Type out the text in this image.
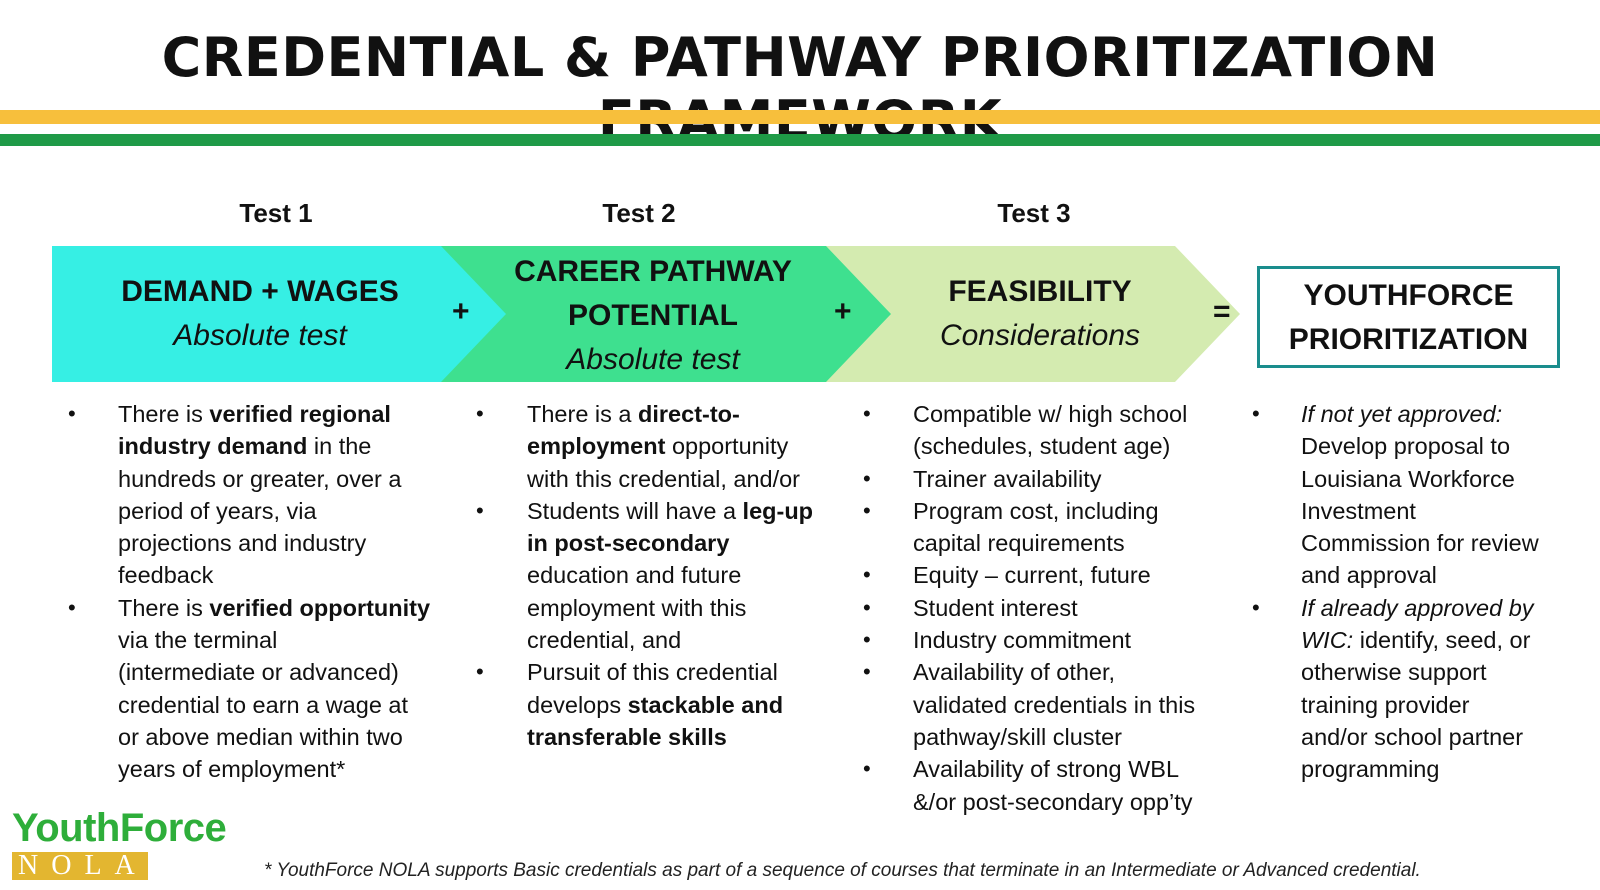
CREDENTIAL & PATHWAY PRIORITIZATION
Test 1	Test 2	Test 3
DEMAND + WAGES
Absolute test
CAREER PATHWAY
POTENTIAL
Absolute test
FEASIBILITY
Considerations
+	+	=	YOUTHFORCE
PRIORITIZATION
• There is verified regional
industry demand in the
hundreds or greater, over a
period of years, via
projections and industry
feedback
• There is verified opportunity
via the terminal
(intermediate or advanced)
credential to earn a wage at
or above median within two
years of employment*
• There is a direct-to-
employment opportunity
with this credential, and/or
• Students will have a leg-up
in post-secondary
education and future
employment with this
credential, and
• Pursuit of this credential
develops stackable and
transferable skills
• Compatible w/ high school
(schedules, student age)
• Trainer availability
• Program cost, including
capital requirements
• Equity – current, future
• Student interest
• Industry commitment
• Availability of other,
validated credentials in this
pathway/skill cluster
• Availability of strong WBL
&/or post-secondary opp’ty
• If not yet approved:
Develop proposal to
Louisiana Workforce
Investment
Commission for review
and approval
• If already approved by
WIC: identify, seed, or
otherwise support
training provider
and/or school partner
programming
YouthForce
NOLA	* YouthForce NOLA supports Basic credentials as part of a sequence of courses that terminate in an Intermediate or Advanced credential.
